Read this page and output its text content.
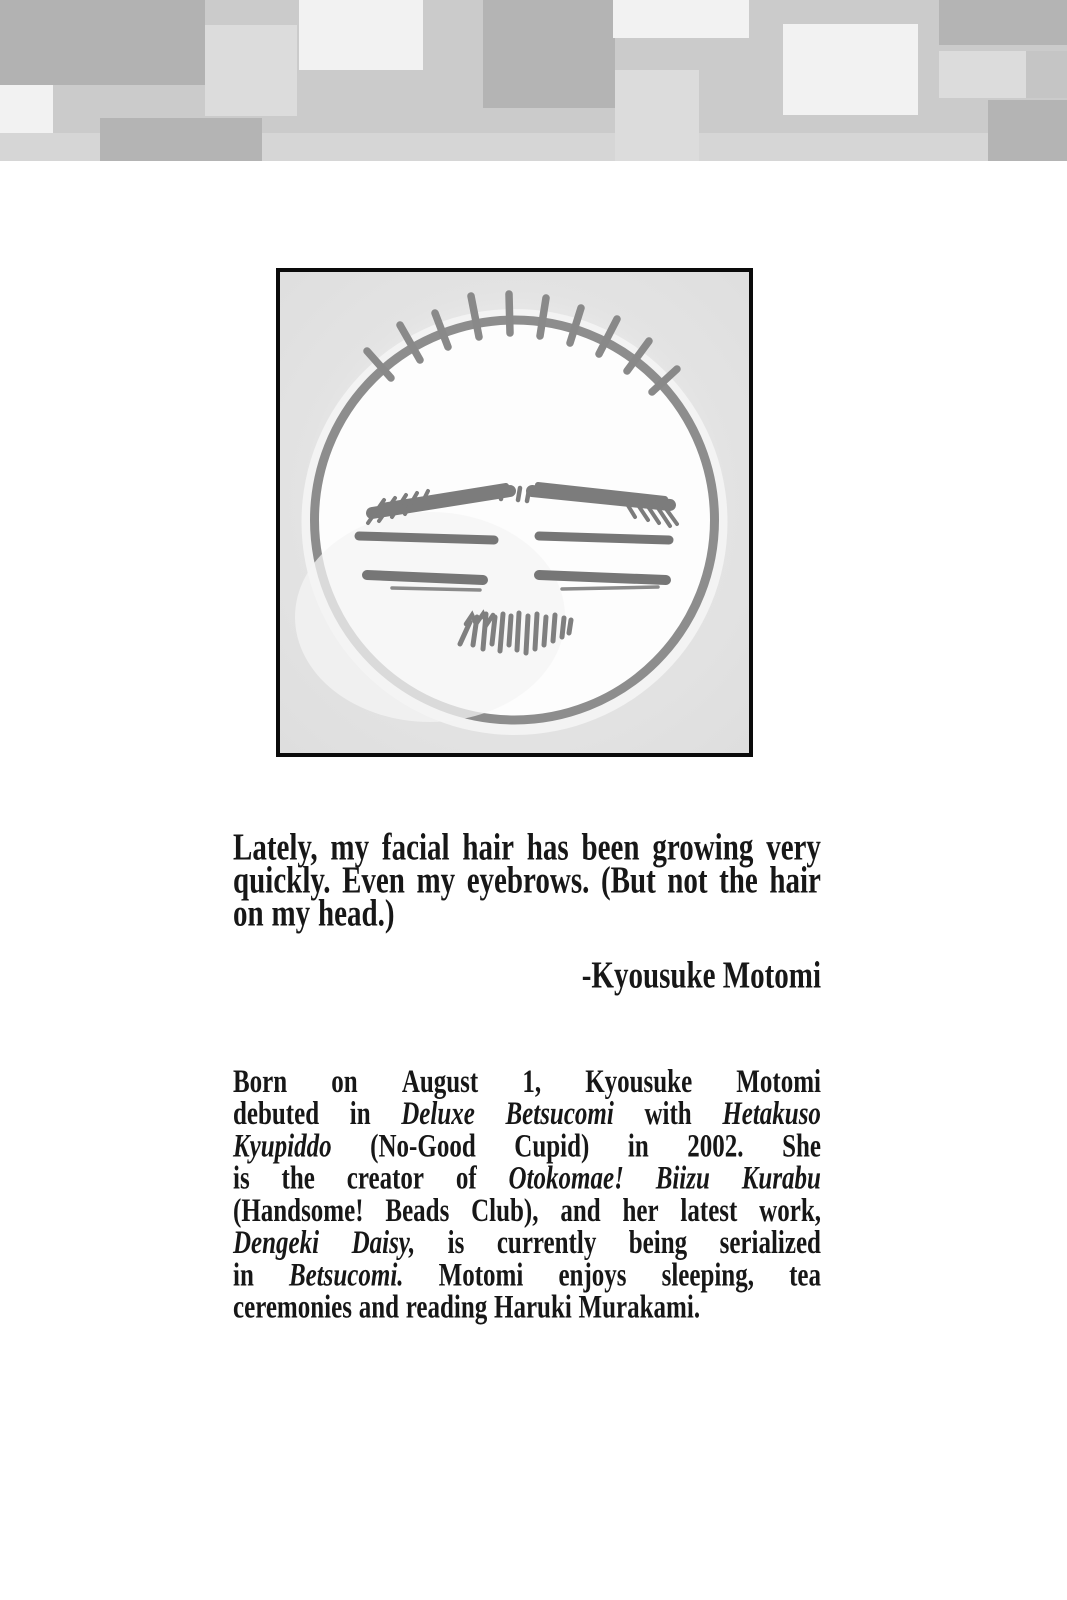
Lately, my facial hair has been growing very
quickly. Even my eyebrows. (But not the hair
on my head.)
-Kyousuke Motomi
Born on August 1, Kyousuke Motomi
debuted in Deluxe Betsucomi with Hetakuso
Kyupiddo (No-Good Cupid) in 2002. She
is the creator of Otokomae! Biizu Kurabu
(Handsome! Beads Club), and her latest work,
Dengeki Daisy, is currently being serialized
in Betsucomi. Motomi enjoys sleeping, tea
ceremonies and reading Haruki Murakami.
